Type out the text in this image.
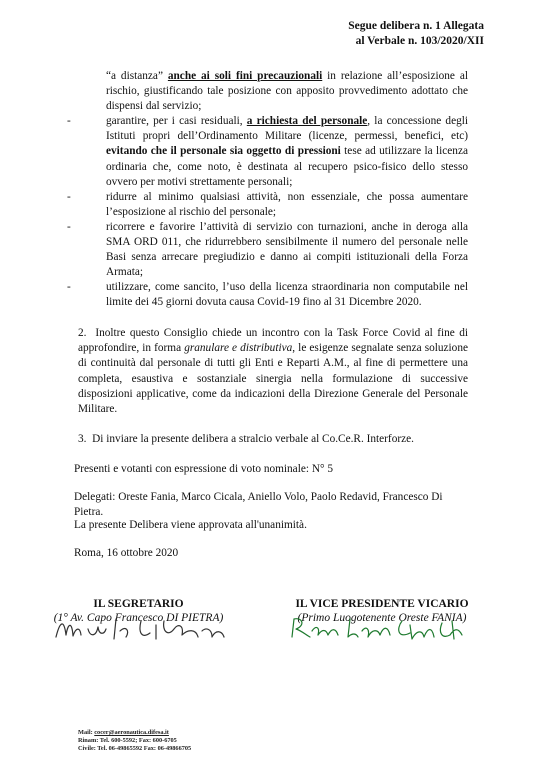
Segue delibera n. 1 Allegata
al Verbale n. 103/2020/XII
“a distanza” anche ai soli fini precauzionali in relazione all’esposizione al rischio, giustificando tale posizione con apposito provvedimento adottato che dispensi dal servizio;
-	garantire, per i casi residuali, a richiesta del personale, la concessione degli Istituti propri dell’Ordinamento Militare (licenze, permessi, benefici, etc) evitando che il personale sia oggetto di pressioni tese ad utilizzare la licenza ordinaria che, come noto, è destinata al recupero psico-fisico dello stesso ovvero per motivi strettamente personali;
-	ridurre al minimo qualsiasi attività, non essenziale, che possa aumentare l’esposizione al rischio del personale;
-	ricorrere e favorire l’attività di servizio con turnazioni, anche in deroga alla SMA ORD 011, che ridurrebbero sensibilmente il numero del personale nelle Basi senza arrecare pregiudizio e danno ai compiti istituzionali della Forza Armata;
-	utilizzare, come sancito, l’uso della licenza straordinaria non computabile nel limite dei 45 giorni dovuta causa Covid-19 fino al 31 Dicembre 2020.
2. Inoltre questo Consiglio chiede un incontro con la Task Force Covid al fine di approfondire, in forma granulare e distributiva, le esigenze segnalate senza soluzione di continuità dal personale di tutti gli Enti e Reparti A.M., al fine di permettere una completa, esaustiva e sostanziale sinergia nella formulazione di successive disposizioni applicative, come da indicazioni della Direzione Generale del Personale Militare.
3. Di inviare la presente delibera a stralcio verbale al Co.Ce.R. Interforze.
Presenti e votanti con espressione di voto nominale: N° 5
Delegati: Oreste Fania, Marco Cicala, Aniello Volo, Paolo Redavid, Francesco Di Pietra.
La presente Delibera viene approvata all'unanimità.
Roma, 16 ottobre 2020
IL SEGRETARIO
(1° Av. Capo Francesco DI PIETRA)
IL VICE PRESIDENTE VICARIO
(Primo Luogotenente Oreste FANIA)
Mail: cocer@aeronautica.difesa.it
Rinam: Tel. 600-5592; Fax: 600-6705
Civile: Tel. 06-49865592 Fax: 06-49866705
